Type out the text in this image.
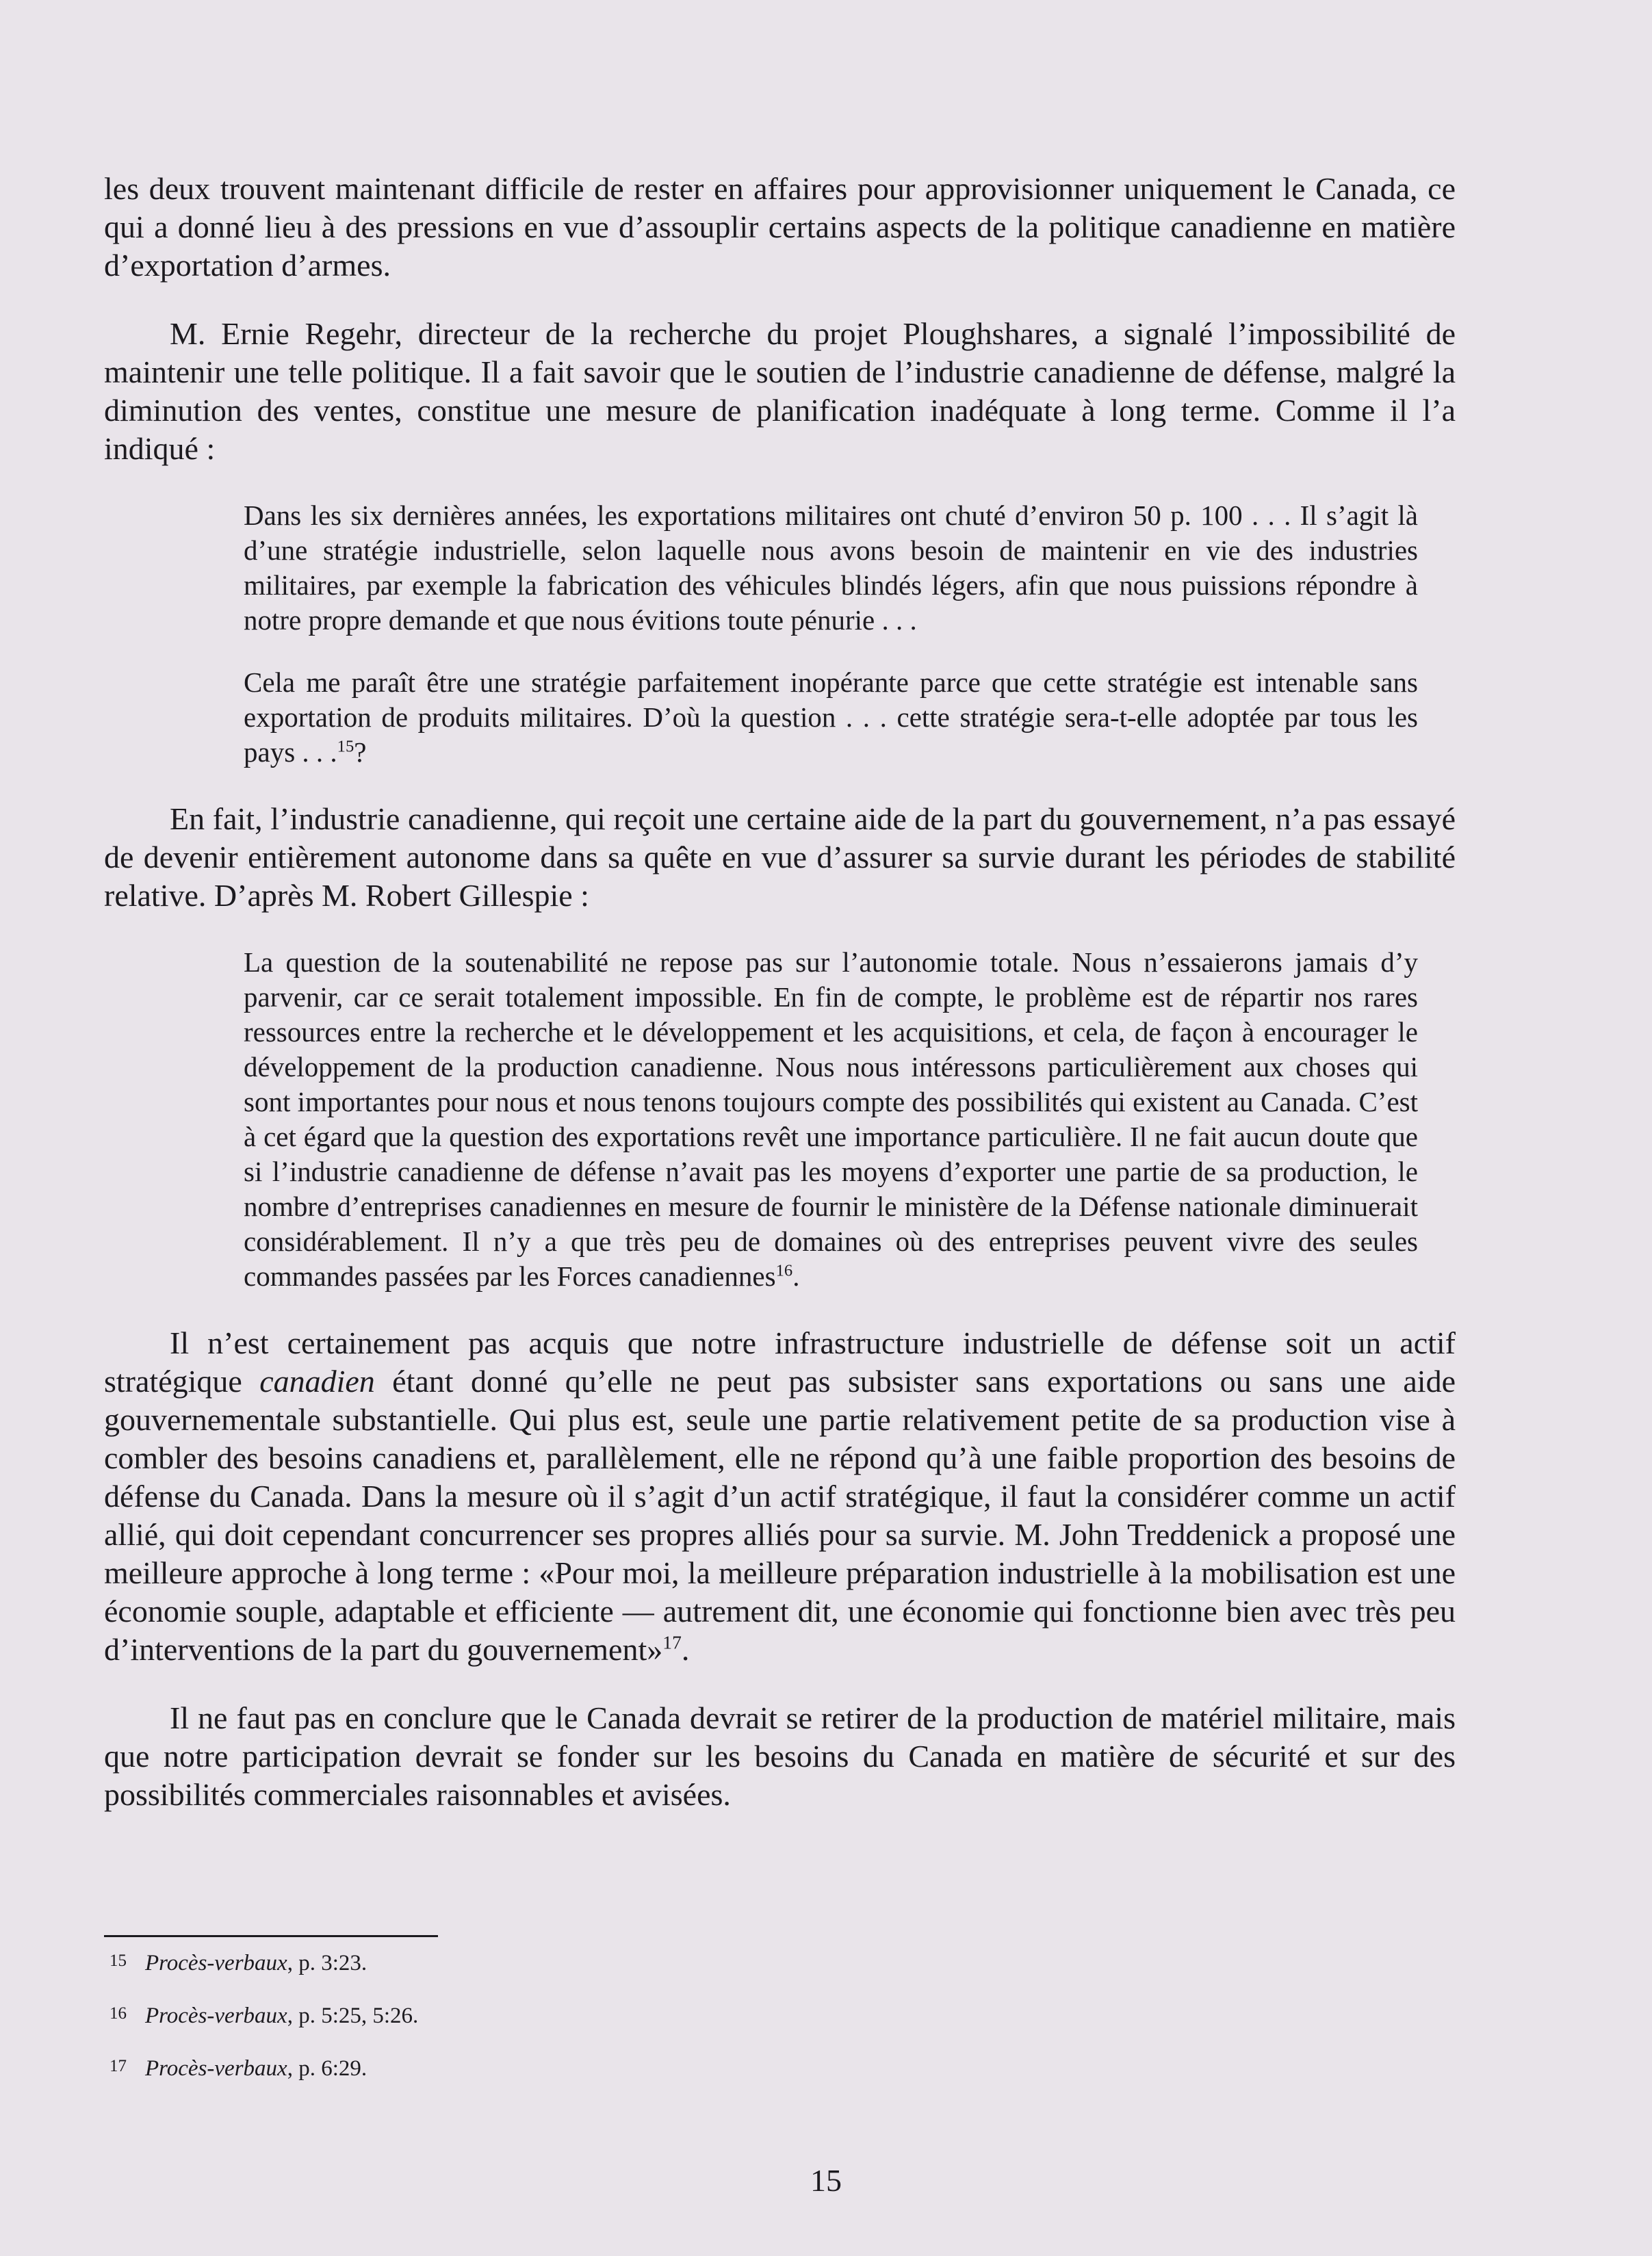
les deux trouvent maintenant difficile de rester en affaires pour approvisionner uniquement le Canada, ce qui a donné lieu à des pressions en vue d’assouplir certains aspects de la politique canadienne en matière d’exportation d’armes.

M. Ernie Regehr, directeur de la recherche du projet Ploughshares, a signalé l’impossibilité de maintenir une telle politique. Il a fait savoir que le soutien de l’industrie canadienne de défense, malgré la diminution des ventes, constitue une mesure de planification inadéquate à long terme. Comme il l’a indiqué :

Dans les six dernières années, les exportations militaires ont chuté d’environ 50 p. 100 . . . Il s’agit là d’une stratégie industrielle, selon laquelle nous avons besoin de maintenir en vie des industries militaires, par exemple la fabrication des véhicules blindés légers, afin que nous puissions répondre à notre propre demande et que nous évitions toute pénurie . . .

Cela me paraît être une stratégie parfaitement inopérante parce que cette stratégie est intenable sans exportation de produits militaires. D’où la question . . . cette stratégie sera-t-elle adoptée par tous les pays . . .$^{15}$?

En fait, l’industrie canadienne, qui reçoit une certaine aide de la part du gouvernement, n’a pas essayé de devenir entièrement autonome dans sa quête en vue d’assurer sa survie durant les périodes de stabilité relative. D’après M. Robert Gillespie :

La question de la soutenabilité ne repose pas sur l’autonomie totale. Nous n’essaierons jamais d’y parvenir, car ce serait totalement impossible. En fin de compte, le problème est de répartir nos rares ressources entre la recherche et le développement et les acquisitions, et cela, de façon à encourager le développement de la production canadienne. Nous nous intéressons particulièrement aux choses qui sont importantes pour nous et nous tenons toujours compte des possibilités qui existent au Canada. C’est à cet égard que la question des exportations revêt une importance particulière. Il ne fait aucun doute que si l’industrie canadienne de défense n’avait pas les moyens d’exporter une partie de sa production, le nombre d’entreprises canadiennes en mesure de fournir le ministère de la Défense nationale diminuerait considérablement. Il n’y a que très peu de domaines où des entreprises peuvent vivre des seules commandes passées par les Forces canadiennes$^{16}$.

Il n’est certainement pas acquis que notre infrastructure industrielle de défense soit un actif stratégique canadien étant donné qu’elle ne peut pas subsister sans exportations ou sans une aide gouvernementale substantielle. Qui plus est, seule une partie relativement petite de sa production vise à combler des besoins canadiens et, parallèlement, elle ne répond qu’à une faible proportion des besoins de défense du Canada. Dans la mesure où il s’agit d’un actif stratégique, il faut la considérer comme un actif allié, qui doit cependant concurrencer ses propres alliés pour sa survie. M. John Treddenick a proposé une meilleure approche à long terme : «Pour moi, la meilleure préparation industrielle à la mobilisation est une économie souple, adaptable et efficiente — autrement dit, une économie qui fonctionne bien avec très peu d’interventions de la part du gouvernement»$^{17}$.

Il ne faut pas en conclure que le Canada devrait se retirer de la production de matériel militaire, mais que notre participation devrait se fonder sur les besoins du Canada en matière de sécurité et sur des possibilités commerciales raisonnables et avisées.

15 Procès-verbaux, p. 3:23.
16 Procès-verbaux, p. 5:25, 5:26.
17 Procès-verbaux, p. 6:29.
15
